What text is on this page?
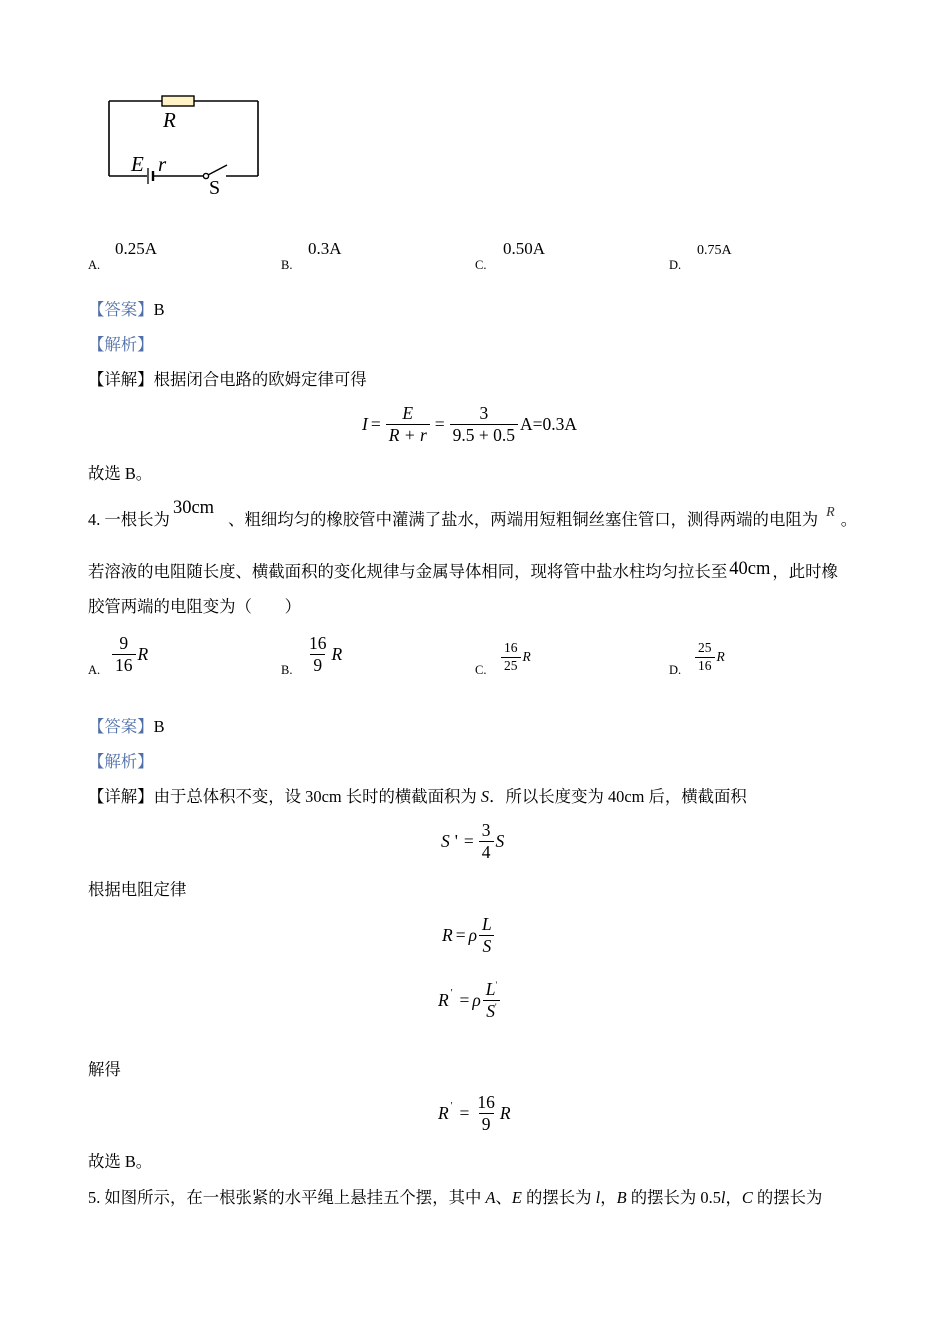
R
E r
S
0.25A
A.
0.3A
B.
0.50A
C.
0.75A
D.
【答案】B
【解析】
【详解】根据闭合电路的欧姆定律可得
$I = \frac{E}{R + r} = \frac{3}{9.5 + 0.5} A=0.3A$
故选 B。
4. 一根长为30cm、粗细均匀的橡胶管中灌满了盐水，两端用短粗铜丝塞住管口，测得两端的电阻为 R 。
若溶液的电阻随长度、横截面积的变化规律与金属导体相同，现将管中盐水柱均匀拉长至 40cm ，此时橡
胶管两端的电阻变为（　　）
A. $\frac{9}{16}$ R
B. $\frac{16}{9}$ R
C. $\frac{16}{25}$ R
D. $\frac{25}{16}$ R
【答案】B
【解析】
【详解】由于总体积不变，设 30cm 长时的横截面积为 S．所以长度变为 40cm 后，横截面积
S ' = $\frac{3}{4}$ S
根据电阻定律
R = ρ $\frac{L}{S}$
R ' = ρ $\frac{L'}{S'}$
解得
R ' = $\frac{16}{9}$ R
故选 B。
5. 如图所示，在一根张紧的水平绳上悬挂五个摆，其中 A、E 的摆长为 l，B 的摆长为 0.5l，C 的摆长为
